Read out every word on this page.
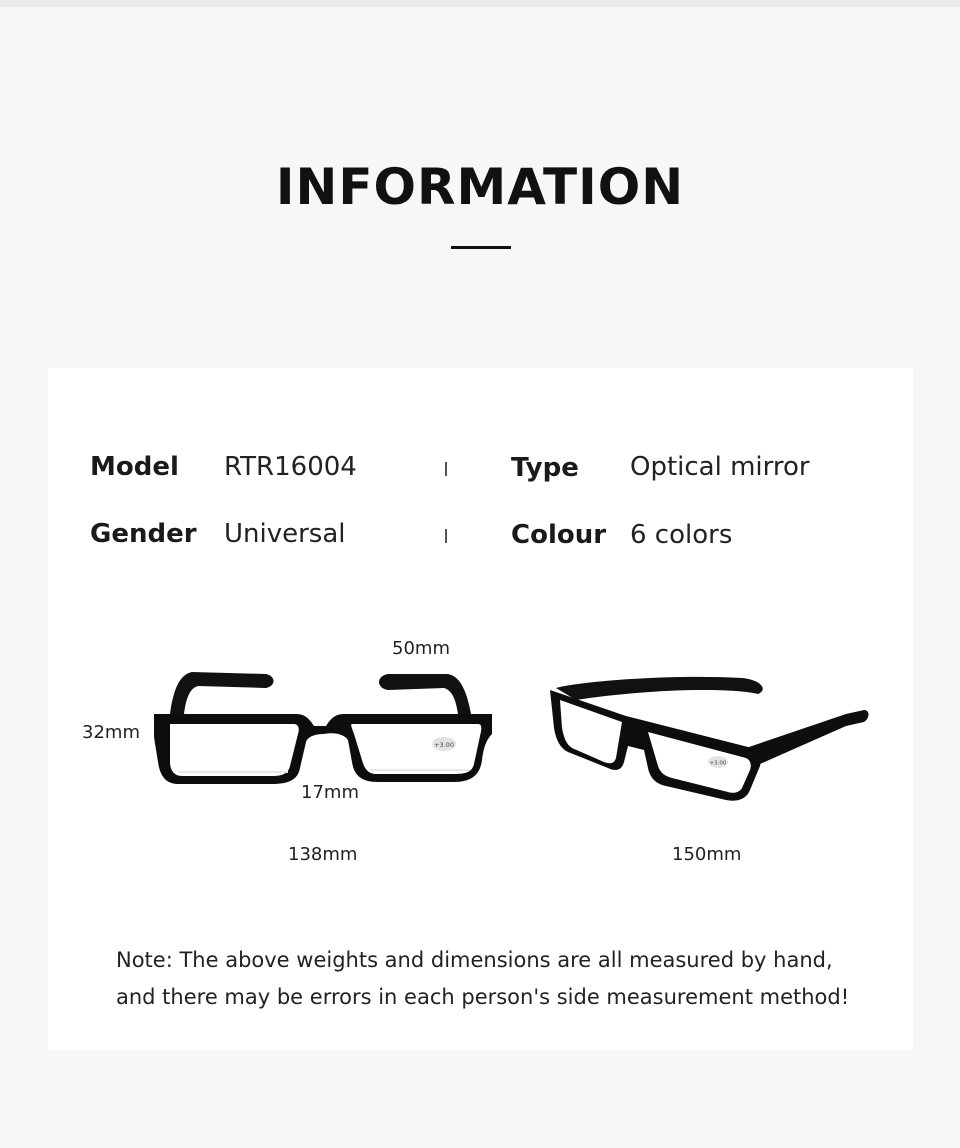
INFORMATION
Model RTR16004	Type Optical mirror
Gender Universal	Colour 6 colors
+3.00
+3.00
50mm
32mm
17mm
138mm	150mm
Note: The above weights and dimensions are all measured by hand,
and there may be errors in each person's side measurement method!
